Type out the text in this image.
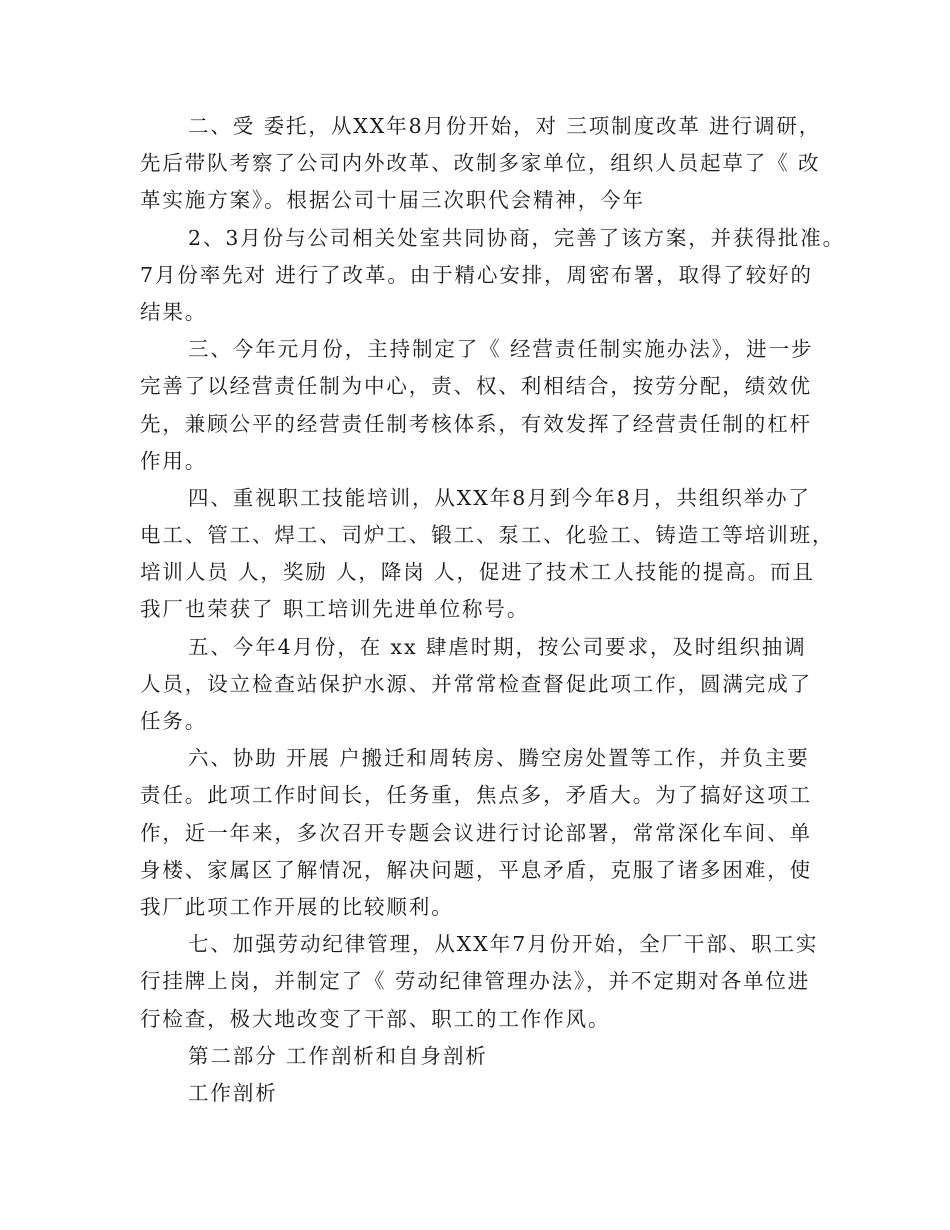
二、受 委托，从XX年8月份开始，对 三项制度改革 进行调研，
先后带队考察了公司内外改革、改制多家单位，组织人员起草了《 改
革实施方案》。根据公司十届三次职代会精神，今年
2、3月份与公司相关处室共同协商，完善了该方案，并获得批准。
7月份率先对 进行了改革。由于精心安排，周密布署，取得了较好的
结果。
三、今年元月份，主持制定了《 经营责任制实施办法》，进一步
完善了以经营责任制为中心，责、权、利相结合，按劳分配，绩效优
先，兼顾公平的经营责任制考核体系，有效发挥了经营责任制的杠杆
作用。
四、重视职工技能培训，从XX年8月到今年8月，共组织举办了
电工、管工、焊工、司炉工、锻工、泵工、化验工、铸造工等培训班，
培训人员 人，奖励 人，降岗 人，促进了技术工人技能的提高。而且
我厂也荣获了 职工培训先进单位称号。
五、今年4月份，在 xx 肆虐时期，按公司要求，及时组织抽调
人员，设立检查站保护水源、并常常检查督促此项工作，圆满完成了
任务。
六、协助 开展 户搬迁和周转房、腾空房处置等工作，并负主要
责任。此项工作时间长，任务重，焦点多，矛盾大。为了搞好这项工
作，近一年来，多次召开专题会议进行讨论部署，常常深化车间、单
身楼、家属区了解情况，解决问题，平息矛盾，克服了诸多困难，使
我厂此项工作开展的比较顺利。
七、加强劳动纪律管理，从XX年7月份开始，全厂干部、职工实
行挂牌上岗，并制定了《 劳动纪律管理办法》，并不定期对各单位进
行检查，极大地改变了干部、职工的工作作风。
第二部分 工作剖析和自身剖析
工作剖析
